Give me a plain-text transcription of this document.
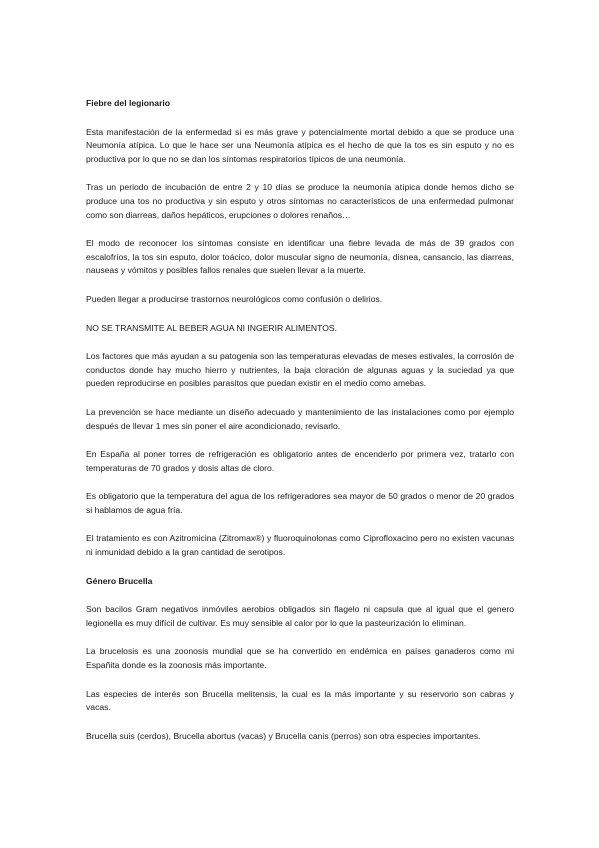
Fiebre del legionario
Esta manifestación de la enfermedad si es más grave y potencialmente mortal debido a que se produce una Neumonía atípica. Lo que le hace ser una Neumonía atípica es el hecho de que la tos es sin esputo y no es productiva por lo que no se dan los síntomas respiratorios típicos de una neumonía.
Tras un periodo de incubación de entre 2 y 10 días se produce la neumonía atípica donde hemos dicho se produce una tos no productiva y sin esputo y otros síntomas no característicos de una enfermedad pulmonar como son diarreas, daños hepáticos, erupciones o dolores renaños…
El modo de reconocer los síntomas consiste en identificar una fiebre levada de más de 39 grados con escalofríos, la tos sin esputo, dolor toácico, dolor muscular signo de neumonía, disnea, cansancio, las diarreas, nauseas y vómitos y posibles fallos renales que suelen llevar a la muerte.
Pueden llegar a producirse trastornos neurológicos como confusión o delirios.
NO SE TRANSMITE AL BEBER AGUA NI INGERIR ALIMENTOS.
Los factores que más ayudan a su patogenia son las temperaturas elevadas de meses estivales, la corrosión de conductos donde hay mucho hierro y nutrientes, la baja cloración de algunas aguas y la suciedad ya que pueden reproducirse en posibles parasitos que puedan existir en el medio como amebas.
La prevención se hace mediante un diseño adecuado y mantenimiento de las instalaciones como por ejemplo después de llevar 1 mes sin poner el aire acondicionado, revisarlo.
En España al poner torres de refrigeración es obligatorio antes de encenderlo por primera vez, tratarlo con temperaturas de 70 grados y dosis altas de cloro.
Es obligatorio que la temperatura del agua de los refrigeradores sea mayor de 50 grados o menor de 20 grados si hablamos de agua fría.
El tratamiento es con Azitromicina (Zitromax®) y fluoroquinolonas como Ciprofloxacino pero no existen vacunas ni inmunidad debido a la gran cantidad de serotipos.
Género Brucella
Son bacilos Gram negativos inmóviles aerobios obligados sin flagelo ni capsula que al igual que el genero legionella es muy difícil de cultivar. Es muy sensible al calor por lo que la pasteurización lo eliminan.
La brucelosis es una zoonosis mundial que se ha convertido en endémica en países ganaderos como mi Españita donde es la zoonosis más importante.
Las especies de interés son Brucella melitensis, la cual es la más importante y su reservorio son cabras y vacas.
Brucella suis (cerdos), Brucella abortus (vacas) y Brucella canis (perros) son otra especies importantes.
